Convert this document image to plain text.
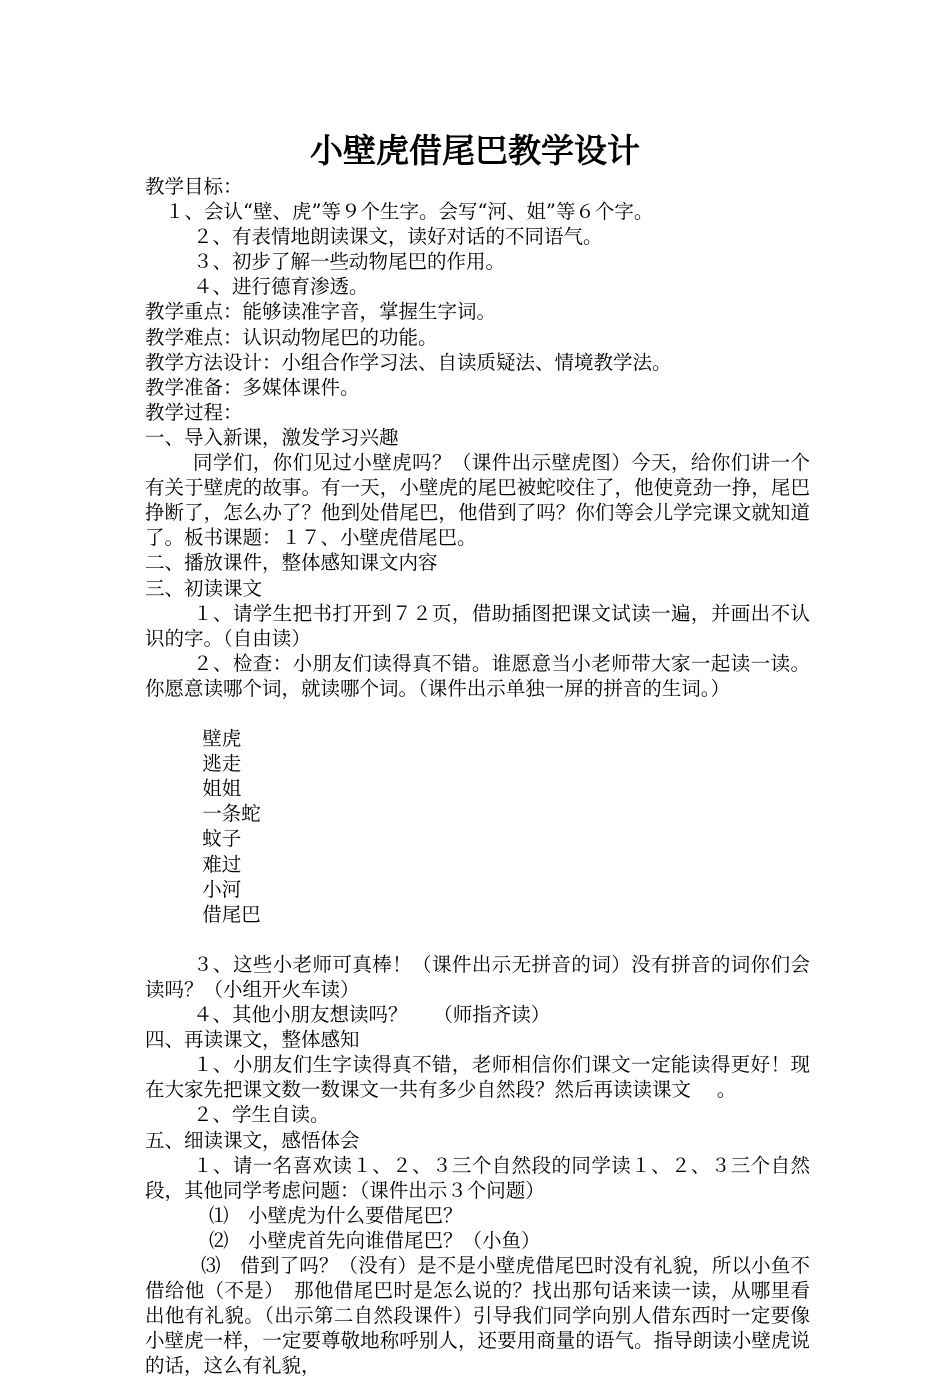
小壁虎借尾巴教学设计

教学目标：

１、会认“壁、虎”等９个生字。会写“河、姐”等６个字。

２、有表情地朗读课文，读好对话的不同语气。

３、初步了解一些动物尾巴的作用。

４、进行德育渗透。

教学重点：能够读准字音，掌握生字词。

教学难点：认识动物尾巴的功能。

教学方法设计：小组合作学习法、自读质疑法、情境教学法。

教学准备：多媒体课件。

教学过程：

一、导入新课，激发学习兴趣

同学们，你们见过小壁虎吗？（课件出示壁虎图）今天，给你们讲一个有关于壁虎的故事。有一天，小壁虎的尾巴被蛇咬住了，他使竟劲一挣，尾巴挣断了，怎么办了？他到处借尾巴，他借到了吗？你们等会儿学完课文就知道了。板书课题：１７、小壁虎借尾巴。

二、播放课件，整体感知课文内容

三、初读课文

１、请学生把书打开到７２页，借助插图把课文试读一遍，并画出不认识的字。（自由读）

２、检查：小朋友们读得真不错。谁愿意当小老师带大家一起读一读。你愿意读哪个词，就读哪个词。（课件出示单独一屏的拼音的生词。）

壁虎
逃走
姐姐
一条蛇
蚊子
难过
小河
借尾巴

３、这些小老师可真棒！（课件出示无拼音的词）没有拼音的词你们会读吗？（小组开火车读）

４、其他小朋友想读吗？　 （师指齐读）

四、再读课文，整体感知

１、小朋友们生字读得真不错，老师相信你们课文一定能读得更好！现在大家先把课文数一数课文一共有多少自然段？然后再读读课文　 。

２、学生自读。

五、细读课文，感悟体会

１、请一名喜欢读１、２、３三个自然段的同学读１、２、３三个自然段，其他同学考虑问题：（课件出示３个问题）

⑴　小壁虎为什么要借尾巴？

⑵　小壁虎首先向谁借尾巴？（小鱼）

⑶　借到了吗？（没有）是不是小壁虎借尾巴时没有礼貌，所以小鱼不借给他（不是）　那他借尾巴时是怎么说的？找出那句话来读一读，从哪里看出他有礼貌。（出示第二自然段课件）引导我们同学向别人借东西时一定要像小壁虎一样，一定要尊敬地称呼别人，还要用商量的语气。指导朗读小壁虎说的话，这么有礼貌，
